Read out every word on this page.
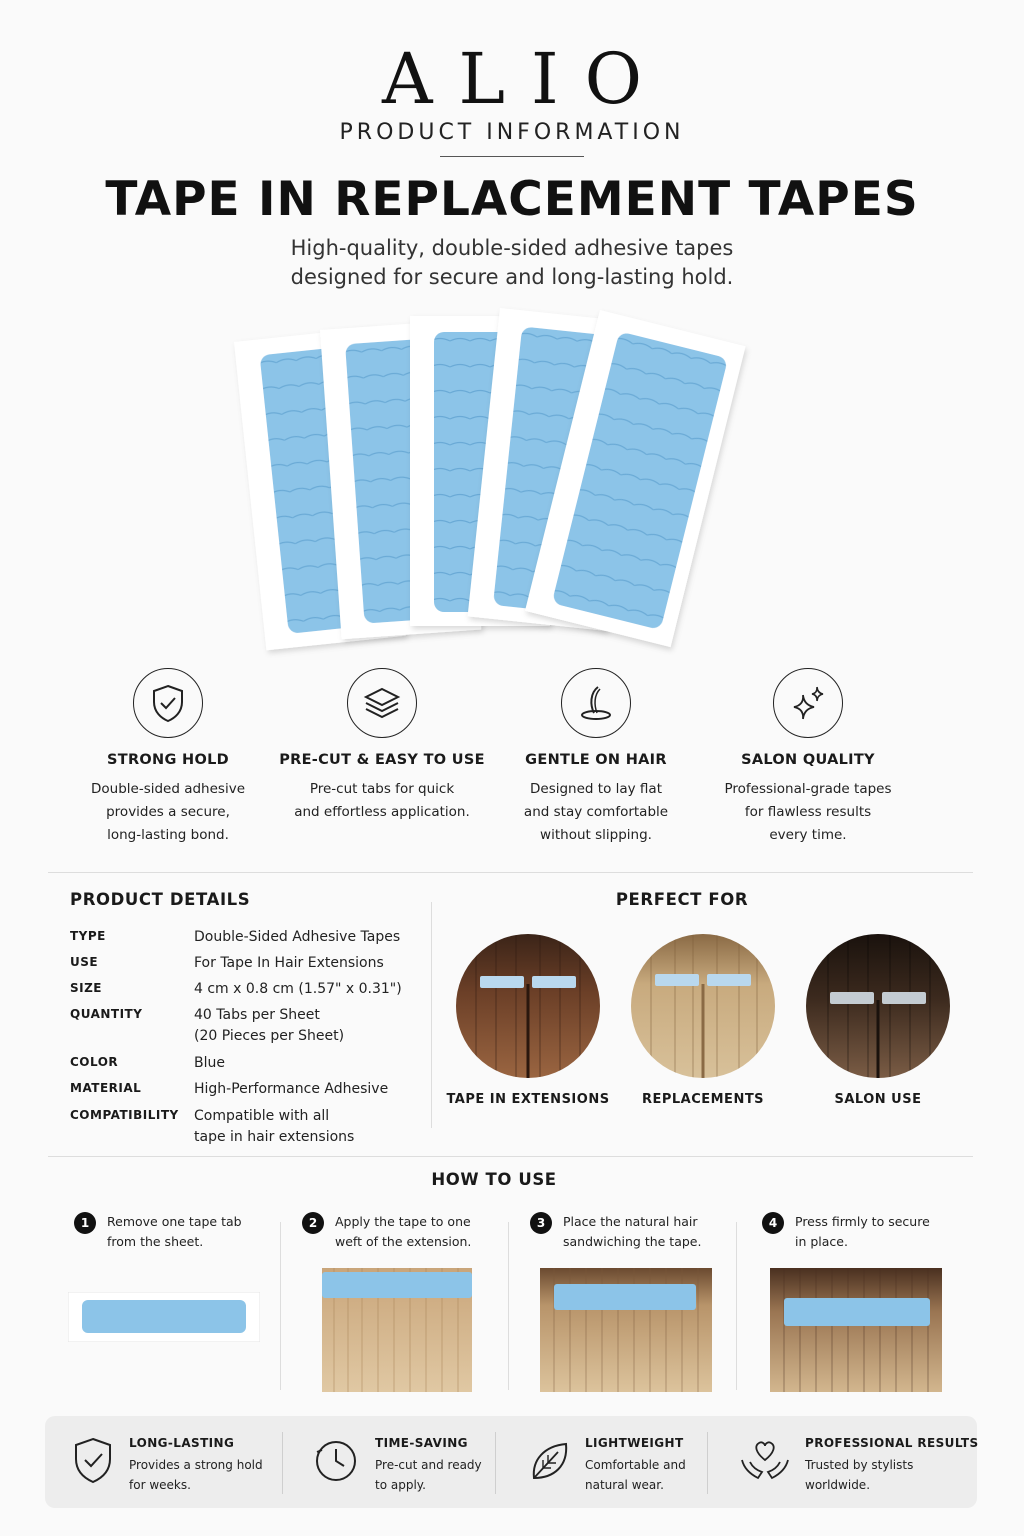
ALIO
PRODUCT INFORMATION
TAPE IN REPLACEMENT TAPES
High-quality, double-sided adhesive tapes
designed for secure and long-lasting hold.
STRONG HOLD
Double-sided adhesive
provides a secure,
long-lasting bond.
PRE-CUT & EASY TO USE
Pre-cut tabs for quick
and effortless application.
GENTLE ON HAIR
Designed to lay flat
and stay comfortable
without slipping.
SALON QUALITY
Professional-grade tapes
for flawless results
every time.
PRODUCT DETAILS
TYPE	Double-Sided Adhesive Tapes
USE	For Tape In Hair Extensions
SIZE	4 cm x 0.8 cm (1.57" x 0.31")
QUANTITY	40 Tabs per Sheet
(20 Pieces per Sheet)
COLOR	Blue
MATERIAL	High-Performance Adhesive
COMPATIBILITY	Compatible with all
tape in hair extensions
PERFECT FOR
TAPE IN EXTENSIONS	REPLACEMENTS	SALON USE
HOW TO USE
1	Remove one tape tab
from the sheet.
2	Apply the tape to one
weft of the extension.
3	Place the natural hair
sandwiching the tape.
4	Press firmly to secure
in place.
LONG-LASTING
Provides a strong hold
for weeks.
TIME-SAVING
Pre-cut and ready
to apply.
LIGHTWEIGHT
Comfortable and
natural wear.
PROFESSIONAL RESULTS
Trusted by stylists
worldwide.
